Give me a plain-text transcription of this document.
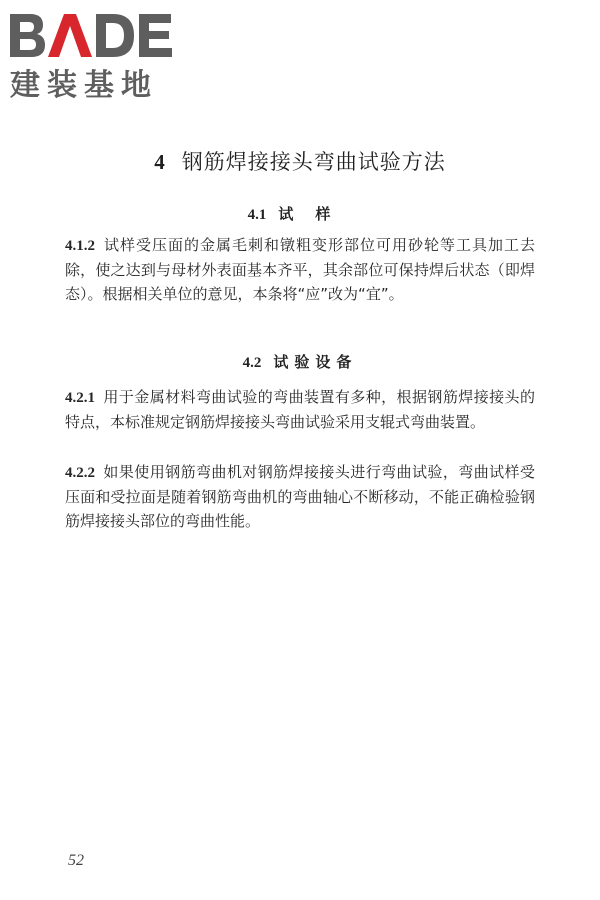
建装基地
4 钢筋焊接接头弯曲试验方法
4.1 试样
4.1.2 试样受压面的金属毛刺和镦粗变形部位可用砂轮等工具加工去除，使之达到与母材外表面基本齐平，其余部位可保持焊后状态（即焊态）。根据相关单位的意见，本条将“应”改为“宜”。
4.2 试验设备
4.2.1 用于金属材料弯曲试验的弯曲装置有多种，根据钢筋焊接接头的特点，本标准规定钢筋焊接接头弯曲试验采用支辊式弯曲装置。
4.2.2 如果使用钢筋弯曲机对钢筋焊接接头进行弯曲试验，弯曲试样受压面和受拉面是随着钢筋弯曲机的弯曲轴心不断移动，不能正确检验钢筋焊接接头部位的弯曲性能。
52
